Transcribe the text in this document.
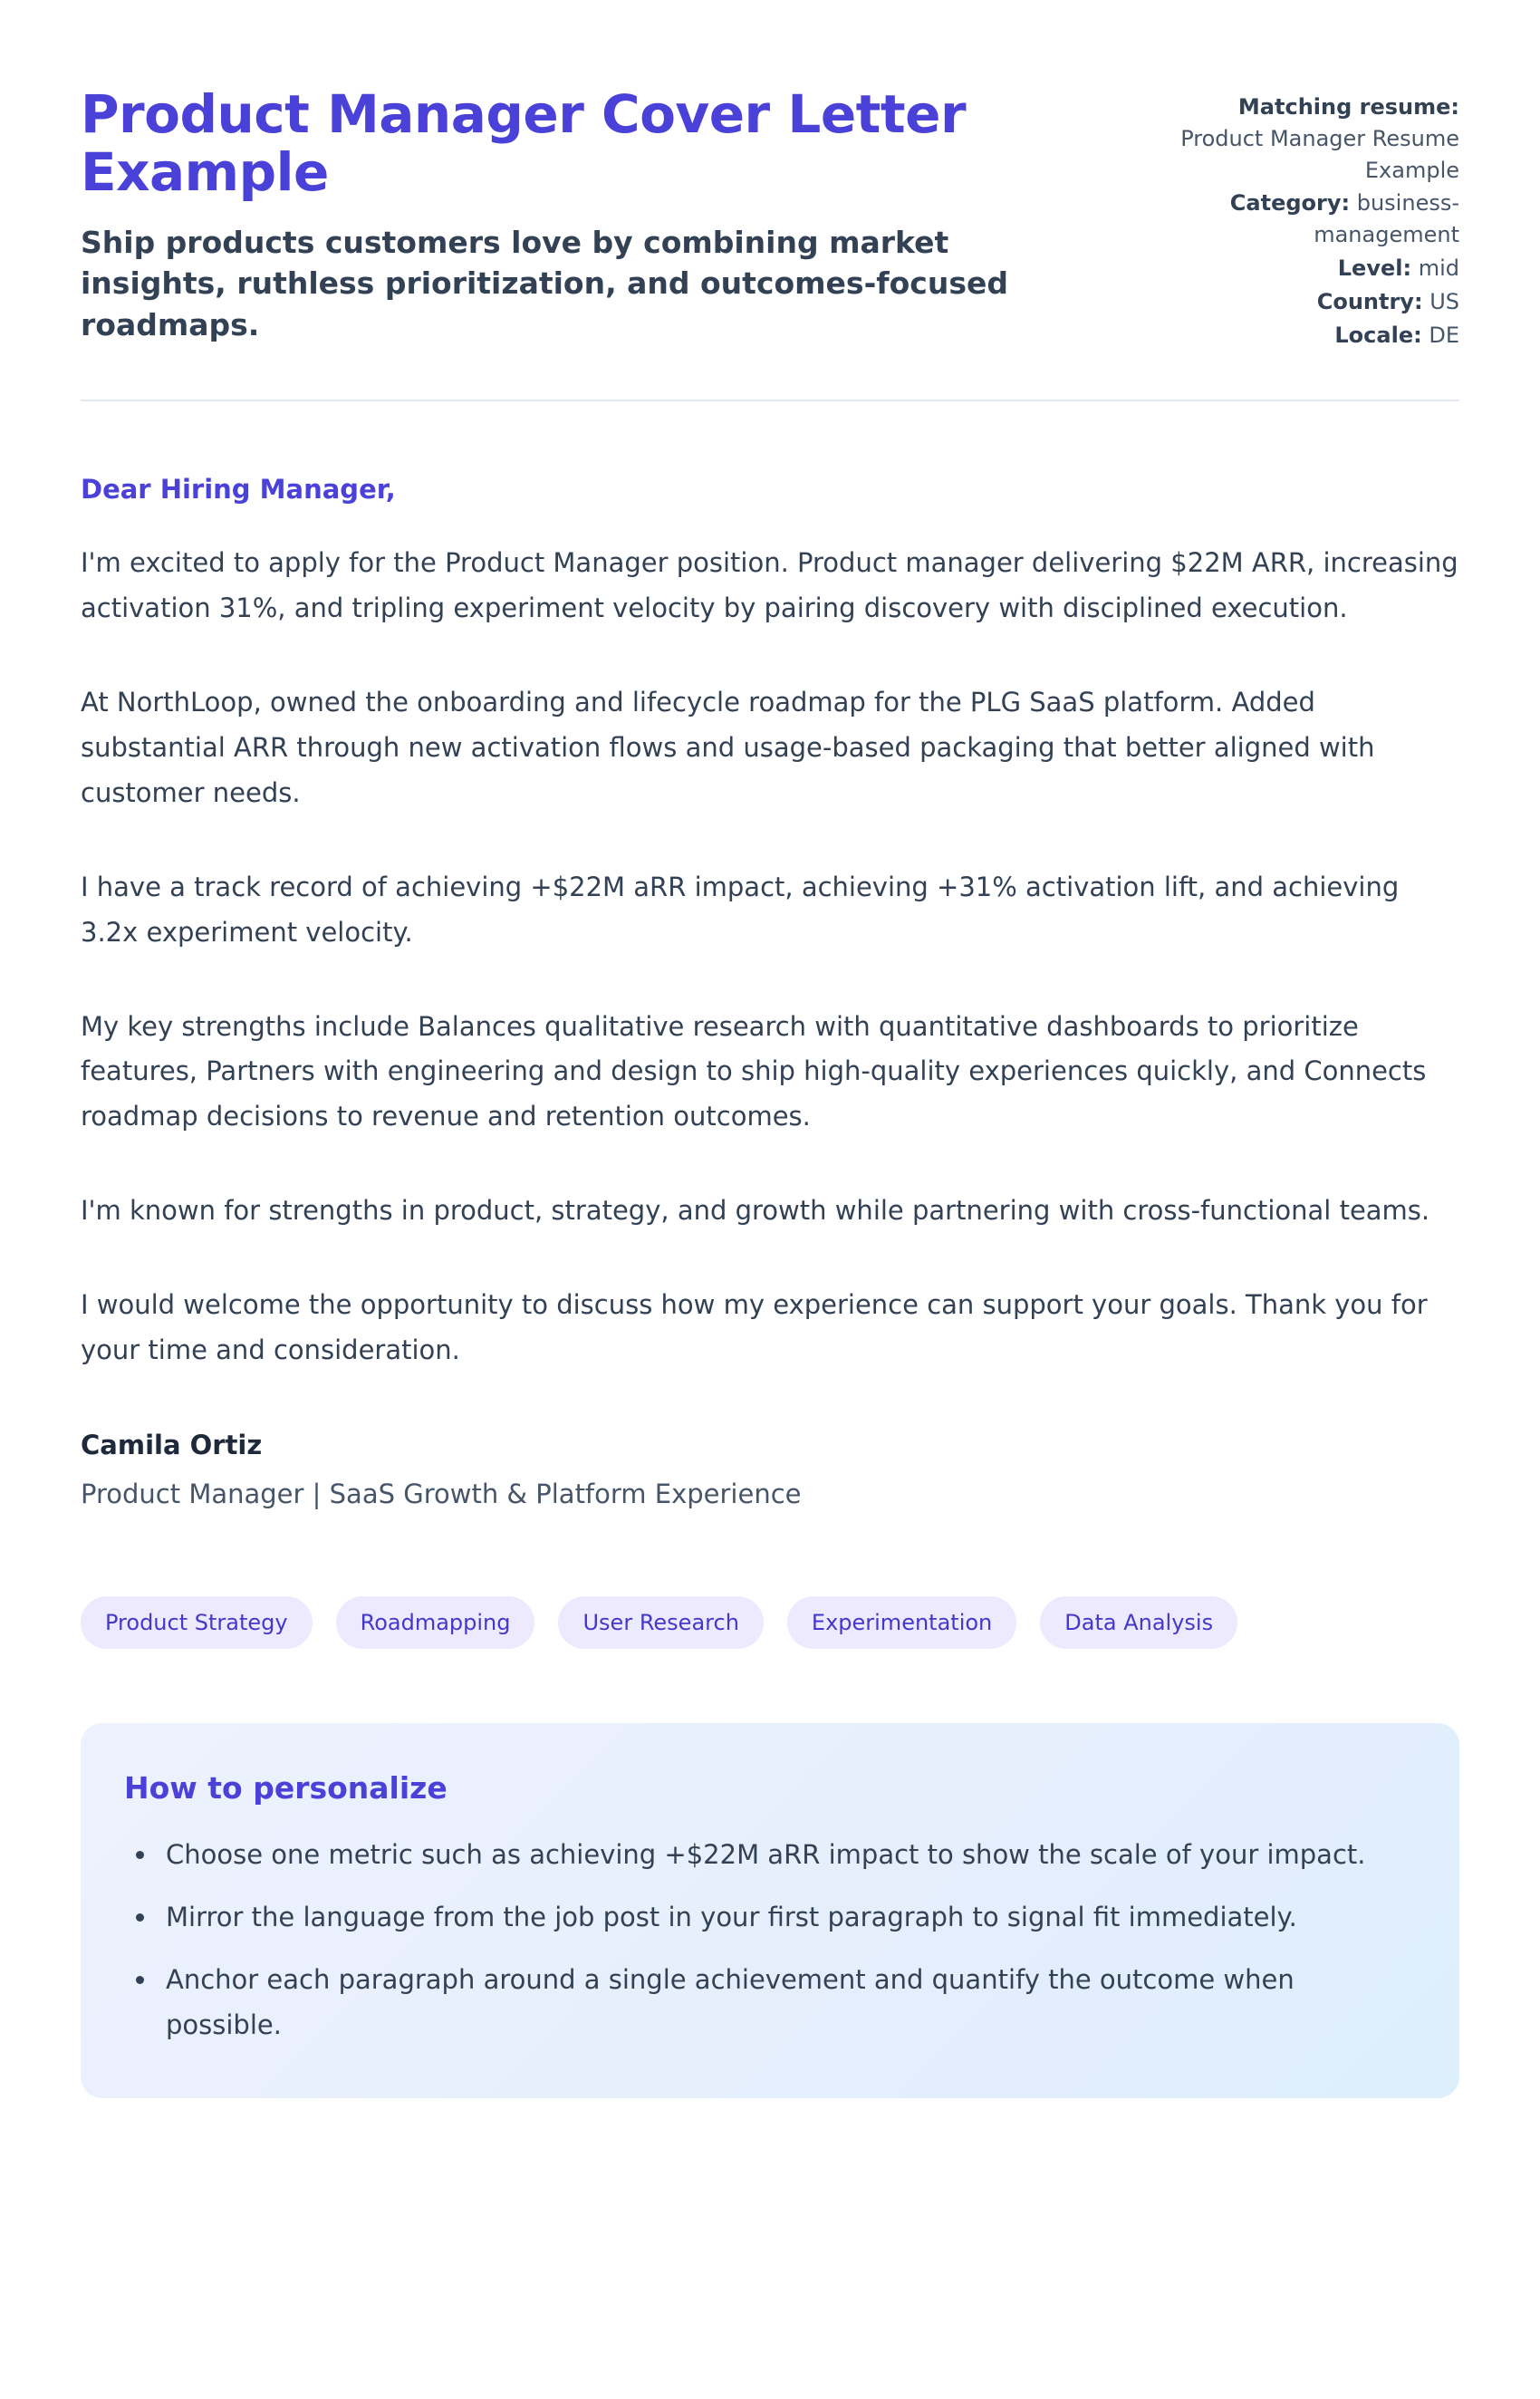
Product Manager Cover Letter Example

Ship products customers love by combining market insights, ruthless prioritization, and outcomes-focused roadmaps.

Matching resume: Product Manager Resume Example
Category: business-management
Level: mid
Country: US
Locale: DE

Dear Hiring Manager,

I'm excited to apply for the Product Manager position. Product manager delivering $22M ARR, increasing activation 31%, and tripling experiment velocity by pairing discovery with disciplined execution.

At NorthLoop, owned the onboarding and lifecycle roadmap for the PLG SaaS platform. Added substantial ARR through new activation flows and usage-based packaging that better aligned with customer needs.

I have a track record of achieving +$22M aRR impact, achieving +31% activation lift, and achieving 3.2x experiment velocity.

My key strengths include Balances qualitative research with quantitative dashboards to prioritize features, Partners with engineering and design to ship high-quality experiences quickly, and Connects roadmap decisions to revenue and retention outcomes.

I'm known for strengths in product, strategy, and growth while partnering with cross-functional teams.

I would welcome the opportunity to discuss how my experience can support your goals. Thank you for your time and consideration.

Camila Ortiz
Product Manager | SaaS Growth & Platform Experience
Product Strategy	Roadmapping	User Research	Experimentation	Data Analysis
How to personalize
• Choose one metric such as achieving +$22M aRR impact to show the scale of your impact.
• Mirror the language from the job post in your first paragraph to signal fit immediately.
• Anchor each paragraph around a single achievement and quantify the outcome when possible.
